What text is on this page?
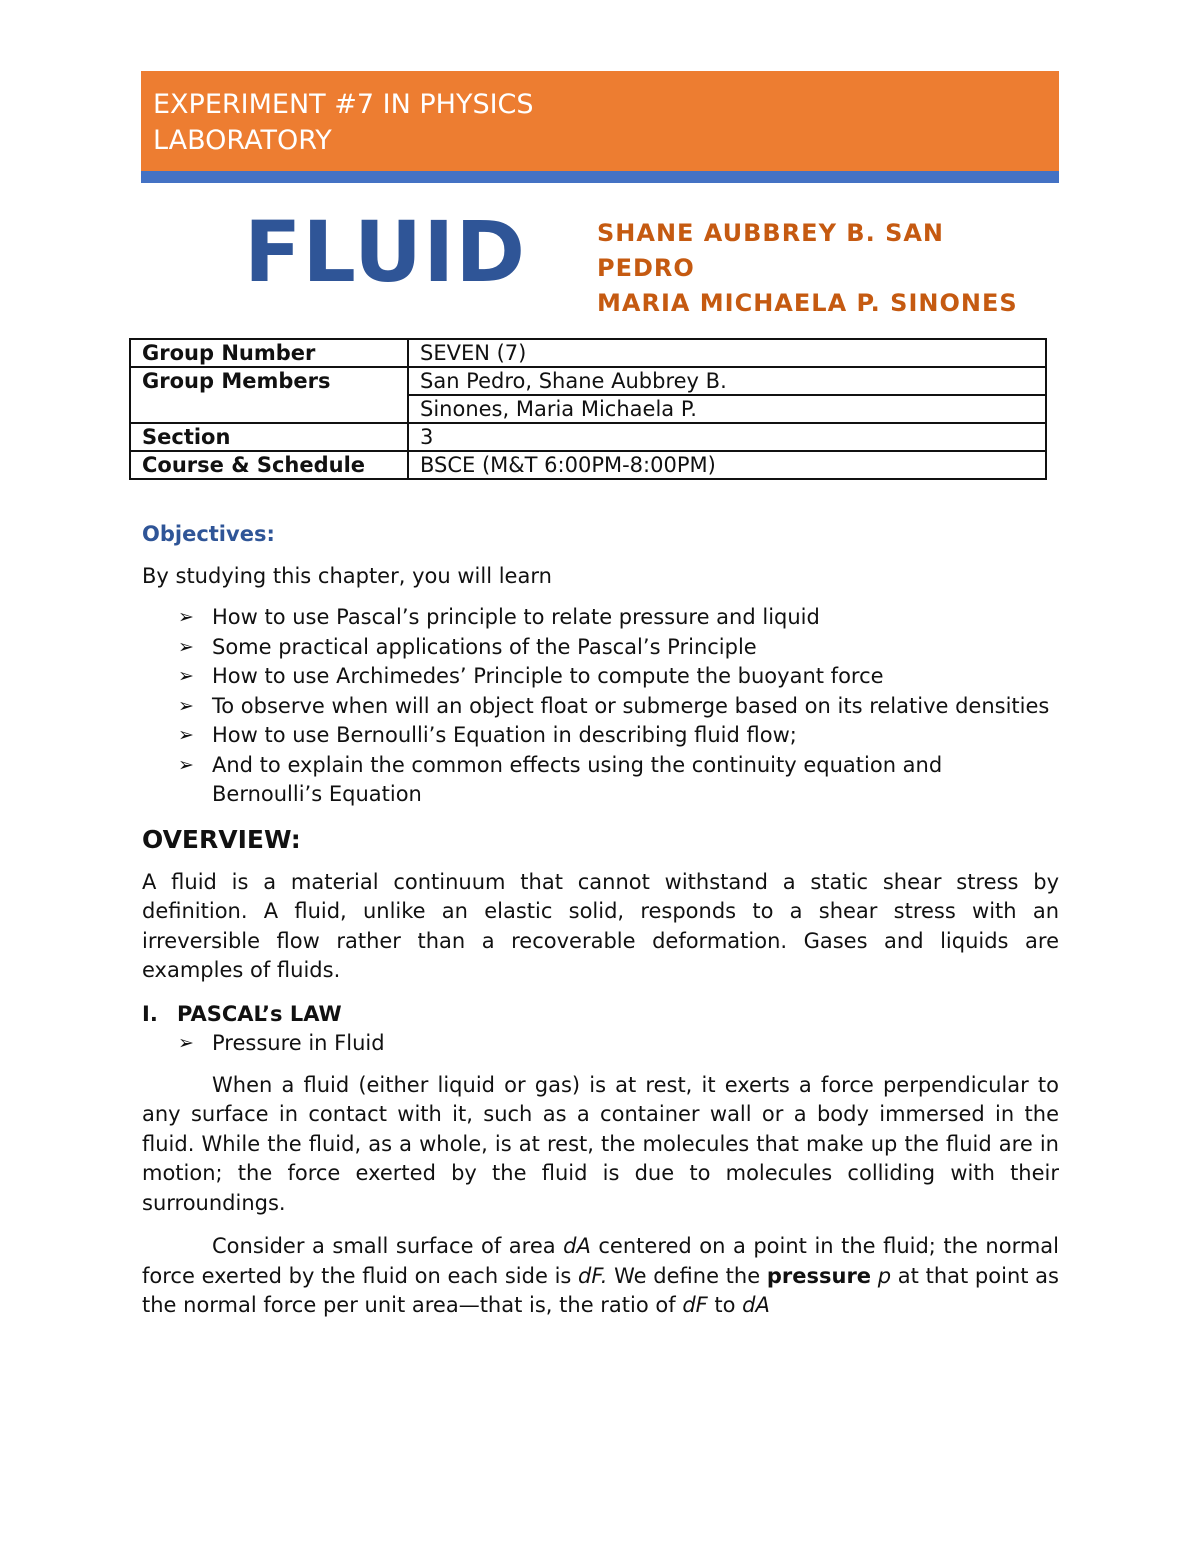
EXPERIMENT #7 IN PHYSICS
LABORATORY
FLUID	SHANE AUBBREY B. SAN
PEDRO
MARIA MICHAELA P. SINONES
Group Number	SEVEN (7)
Group Members	San Pedro, Shane Aubbrey B.
	Sinones, Maria Michaela P.
Section	3
Course & Schedule	BSCE (M&T 6:00PM-8:00PM)

Objectives:

By studying this chapter, you will learn

➢ How to use Pascal’s principle to relate pressure and liquid
➢ Some practical applications of the Pascal’s Principle
➢ How to use Archimedes’ Principle to compute the buoyant force
➢ To observe when will an object float or submerge based on its relative densities
➢ How to use Bernoulli’s Equation in describing fluid flow;
➢ And to explain the common effects using the continuity equation and Bernoulli’s Equation
OVERVIEW:

A fluid is a material continuum that cannot withstand a static shear stress by definition. A fluid, unlike an elastic solid, responds to a shear stress with an irreversible flow rather than a recoverable deformation. Gases and liquids are examples of fluids.

I. PASCAL’s LAW

➢ Pressure in Fluid

When a fluid (either liquid or gas) is at rest, it exerts a force perpendicular to any surface in contact with it, such as a container wall or a body immersed in the fluid. While the fluid, as a whole, is at rest, the molecules that make up the fluid are in motion; the force exerted by the fluid is due to molecules colliding with their surroundings.

Consider a small surface of area dA centered on a point in the fluid; the normal force exerted by the fluid on each side is dF. We define the pressure p at that point as the normal force per unit area—that is, the ratio of dF to dA
